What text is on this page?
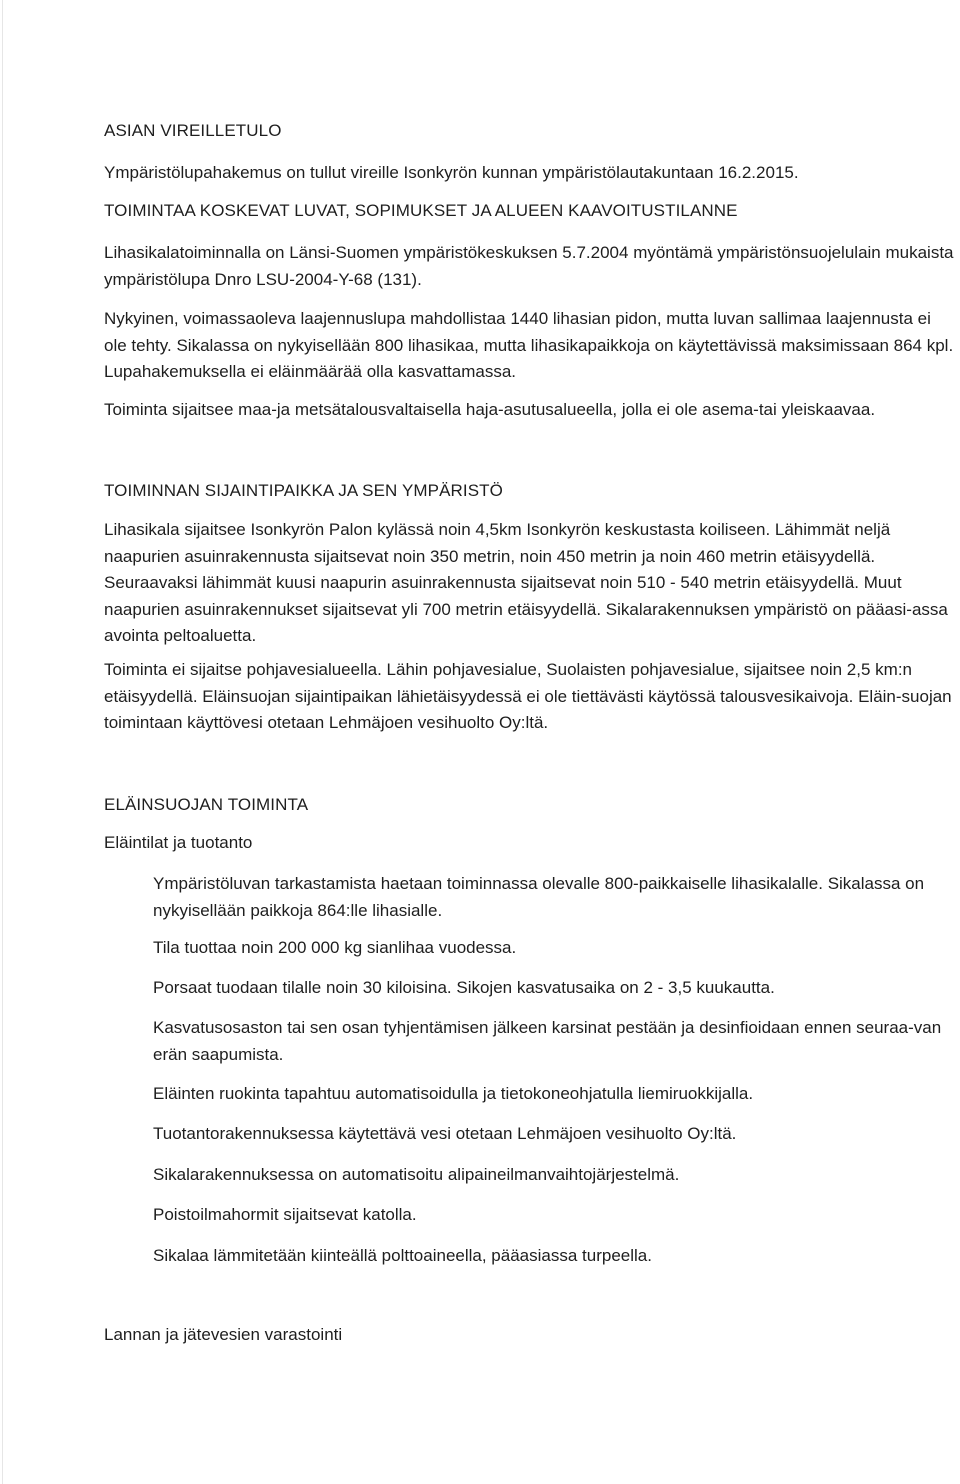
ASIAN VIREILLETULO

Ympäristölupahakemus on tullut vireille Isonkyrön kunnan ympäristölautakuntaan 16.2.2015.

TOIMINTAA KOSKEVAT LUVAT, SOPIMUKSET JA ALUEEN KAAVOITUSTILANNE

Lihasikalatoiminnalla on Länsi-Suomen ympäristökeskuksen 5.7.2004 myöntämä ympäristönsuojelulain mukaista ympäristölupa Dnro LSU-2004-Y-68 (131).

Nykyinen, voimassaoleva laajennuslupa mahdollistaa 1440 lihasian pidon, mutta luvan sallimaa laajennusta ei ole tehty. Sikalassa on nykyisellään 800 lihasikaa, mutta lihasikapaikkoja on käytettävissä maksimissaan 864 kpl. Lupahakemuksella ei eläinmäärää olla kasvattamassa.

Toiminta sijaitsee maa-ja metsätalousvaltaisella haja-asutusalueella, jolla ei ole asema-tai yleiskaavaa.

TOIMINNAN SIJAINTIPAIKKA JA SEN YMPÄRISTÖ

Lihasikala sijaitsee Isonkyrön Palon kylässä noin 4,5km Isonkyrön keskustasta koiliseen. Lähimmät neljä naapurien asuinrakennusta sijaitsevat noin 350 metrin, noin 450 metrin ja noin 460 metrin etäisyydellä. Seuraavaksi lähimmät kuusi naapurin asuinrakennusta sijaitsevat noin 510 - 540 metrin etäisyydellä. Muut naapurien asuinrakennukset sijaitsevat yli 700 metrin etäisyydellä. Sikalarakennuksen ympäristö on pääasi-assa avointa peltoaluetta.

Toiminta ei sijaitse pohjavesialueella. Lähin pohjavesialue, Suolaisten pohjavesialue, sijaitsee noin 2,5 km:n etäisyydellä. Eläinsuojan sijaintipaikan lähietäisyydessä ei ole tiettävästi käytössä talousvesikaivoja. Eläin-suojan toimintaan käyttövesi otetaan Lehmäjoen vesihuolto Oy:ltä.

ELÄINSUOJAN TOIMINTA

Eläintilat ja tuotanto

Ympäristöluvan tarkastamista haetaan toiminnassa olevalle 800-paikkaiselle lihasikalalle. Sikalassa on nykyisellään paikkoja 864:lle lihasialle.

Tila tuottaa noin 200 000 kg sianlihaa vuodessa.

Porsaat tuodaan tilalle noin 30 kiloisina. Sikojen kasvatusaika on 2 - 3,5 kuukautta.

Kasvatusosaston tai sen osan tyhjentämisen jälkeen karsinat pestään ja desinfioidaan ennen seuraa-van erän saapumista.

Eläinten ruokinta tapahtuu automatisoidulla ja tietokoneohjatulla liemiruokkijalla.

Tuotantorakennuksessa käytettävä vesi otetaan Lehmäjoen vesihuolto Oy:ltä.

Sikalarakennuksessa on automatisoitu alipaineilmanvaihtojärjestelmä.

Poistoilmahormit sijaitsevat katolla.

Sikalaa lämmitetään kiinteällä polttoaineella, pääasiassa turpeella.

Lannan ja jätevesien varastointi
